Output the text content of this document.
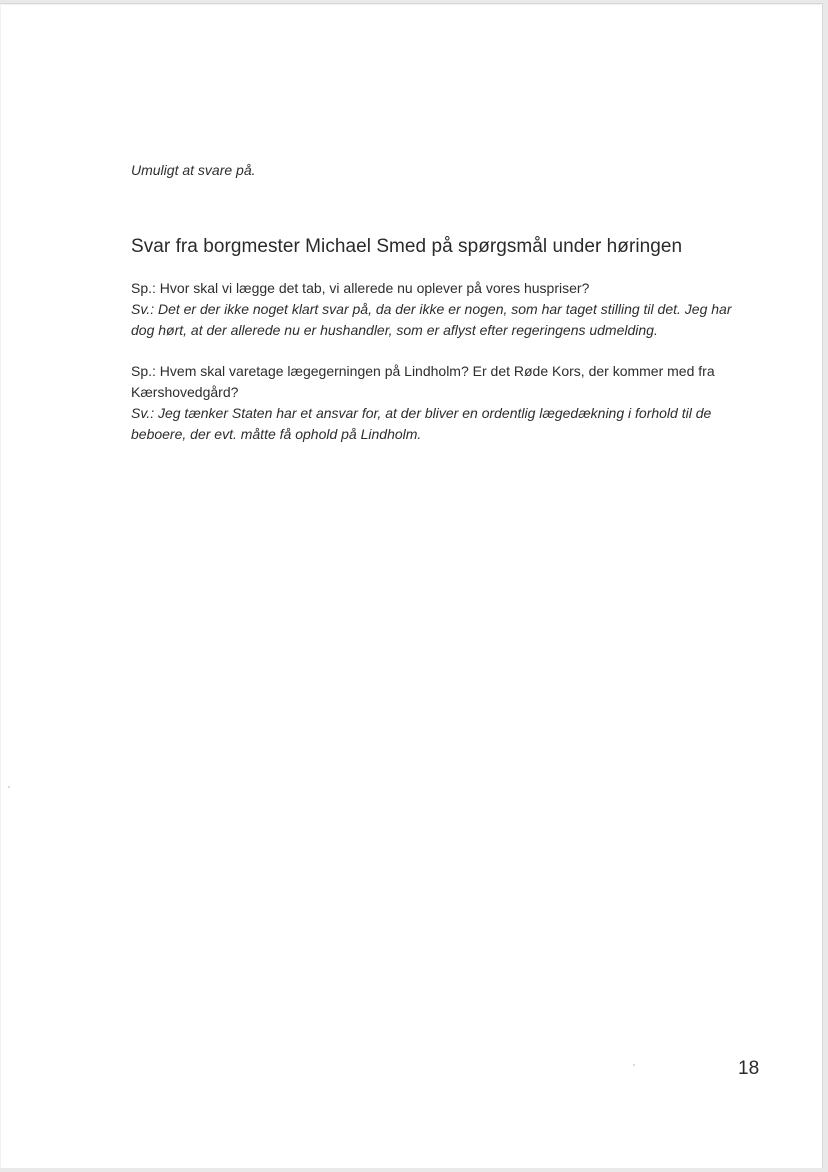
Umuligt at svare på.

Svar fra borgmester Michael Smed på spørgsmål under høringen

Sp.: Hvor skal vi lægge det tab, vi allerede nu oplever på vores huspriser?

Sv.: Det er der ikke noget klart svar på, da der ikke er nogen, som har taget stilling til det. Jeg har dog hørt, at der allerede nu er hushandler, som er aflyst efter regeringens udmelding.

Sp.: Hvem skal varetage lægegerningen på Lindholm? Er det Røde Kors, der kommer med fra Kærshovedgård?

Sv.: Jeg tænker Staten har et ansvar for, at der bliver en ordentlig lægedækning i forhold til de beboere, der evt. måtte få ophold på Lindholm.

18
